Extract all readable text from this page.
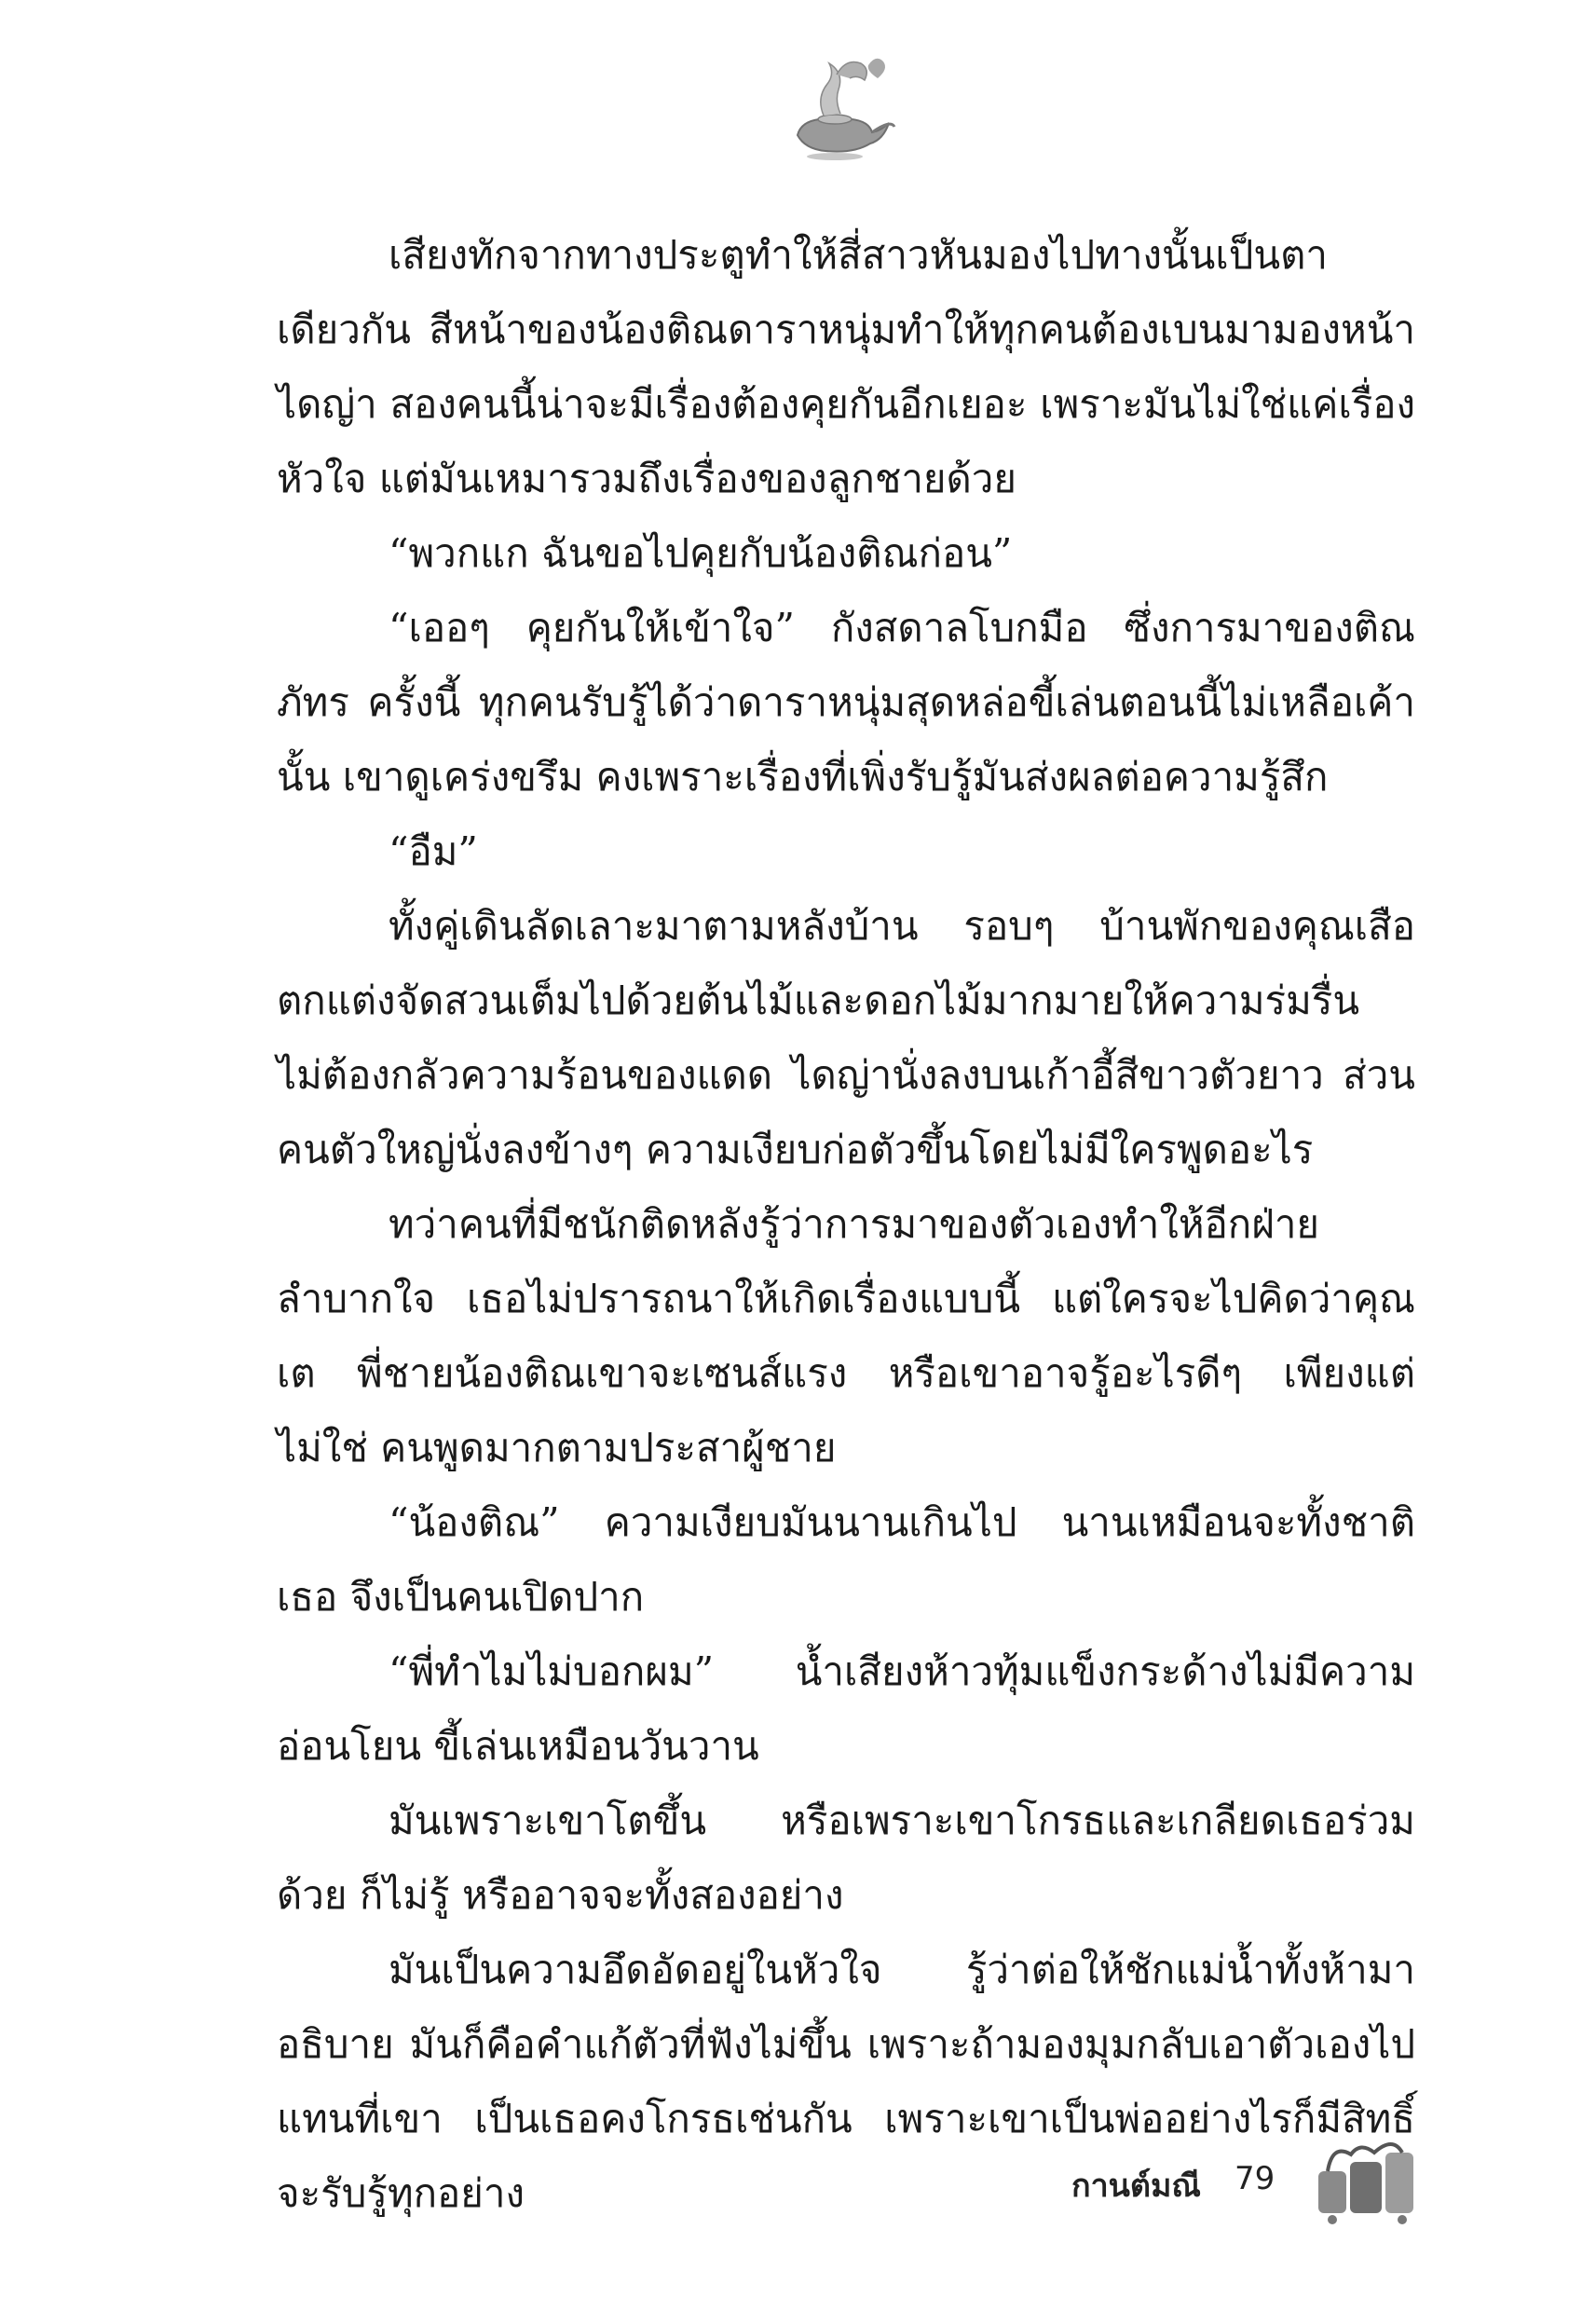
เสียงทักจากทางประตูทำให้สี่สาวหันมองไปทางนั้นเป็นตาเดียวกัน สีหน้าของน้องติณดาราหนุ่มทำให้ทุกคนต้องเบนมามองหน้าไดญ่า สองคนนี้น่าจะมีเรื่องต้องคุยกันอีกเยอะ เพราะมันไม่ใช่แค่เรื่องหัวใจ แต่มันเหมารวมถึงเรื่องของลูกชายด้วย

“พวกแก ฉันขอไปคุยกับน้องติณก่อน”

“เออๆ คุยกันให้เข้าใจ” กังสดาลโบกมือ ซึ่งการมาของติณภัทร ครั้งนี้ ทุกคนรับรู้ได้ว่าดาราหนุ่มสุดหล่อขี้เล่นตอนนี้ไม่เหลือเค้านั้น เขาดูเคร่งขรึม คงเพราะเรื่องที่เพิ่งรับรู้มันส่งผลต่อความรู้สึก

“อืม”

ทั้งคู่เดินลัดเลาะมาตามหลังบ้าน รอบๆ บ้านพักของคุณเสือ ตกแต่งจัดสวนเต็มไปด้วยต้นไม้และดอกไม้มากมายให้ความร่มรื่น ไม่ต้องกลัวความร้อนของแดด ไดญ่านั่งลงบนเก้าอี้สีขาวตัวยาว ส่วน คนตัวใหญ่นั่งลงข้างๆ ความเงียบก่อตัวขึ้นโดยไม่มีใครพูดอะไร

ทว่าคนที่มีชนักติดหลังรู้ว่าการมาของตัวเองทำให้อีกฝ่าย ลำบากใจ เธอไม่ปรารถนาให้เกิดเรื่องแบบนี้ แต่ใครจะไปคิดว่าคุณเต พี่ชายน้องติณเขาจะเซนส์แรง หรือเขาอาจรู้อะไรดีๆ เพียงแต่ไม่ใช่ คนพูดมากตามประสาผู้ชาย

“น้องติณ” ความเงียบมันนานเกินไป นานเหมือนจะทั้งชาติ เธอ จึงเป็นคนเปิดปาก

“พี่ทำไมไม่บอกผม” น้ำเสียงห้าวทุ้มแข็งกระด้างไม่มีความอ่อนโยน ขี้เล่นเหมือนวันวาน

มันเพราะเขาโตขึ้น หรือเพราะเขาโกรธและเกลียดเธอร่วมด้วย ก็ไม่รู้ หรืออาจจะทั้งสองอย่าง

มันเป็นความอึดอัดอยู่ในหัวใจ รู้ว่าต่อให้ชักแม่น้ำทั้งห้ามาอธิบาย มันก็คือคำแก้ตัวที่ฟังไม่ขึ้น เพราะถ้ามองมุมกลับเอาตัวเองไปแทนที่เขา เป็นเธอคงโกรธเช่นกัน เพราะเขาเป็นพ่ออย่างไรก็มีสิทธิ์จะรับรู้ทุกอย่าง	กานต์มณี 79
